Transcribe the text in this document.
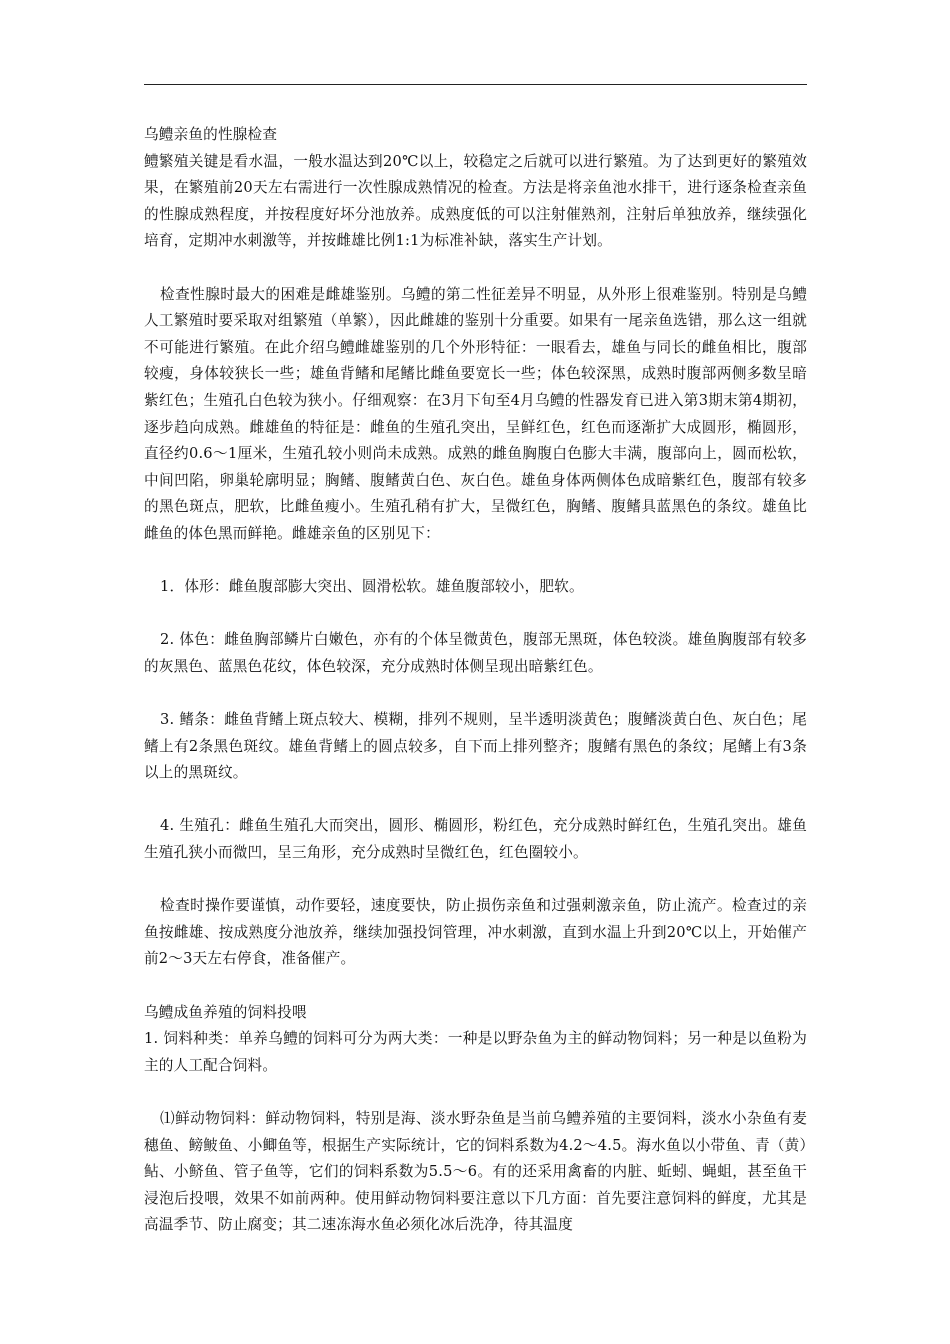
乌鳢亲鱼的性腺检查

鳢繁殖关键是看水温，一般水温达到20℃以上，较稳定之后就可以进行繁殖。为了达到更好的繁殖效果，在繁殖前20天左右需进行一次性腺成熟情况的检查。方法是将亲鱼池水排干，进行逐条检查亲鱼的性腺成熟程度，并按程度好坏分池放养。成熟度低的可以注射催熟剂，注射后单独放养，继续强化培育，定期冲水刺激等，并按雌雄比例1:1为标准补缺，落实生产计划。

检查性腺时最大的困难是雌雄鉴别。乌鳢的第二性征差异不明显，从外形上很难鉴别。特别是乌鳢人工繁殖时要采取对组繁殖（单繁），因此雌雄的鉴别十分重要。如果有一尾亲鱼选错，那么这一组就不可能进行繁殖。在此介绍乌鳢雌雄鉴别的几个外形特征：一眼看去，雄鱼与同长的雌鱼相比，腹部较瘦，身体较狭长一些；雄鱼背鳍和尾鳍比雌鱼要宽长一些；体色较深黑，成熟时腹部两侧多数呈暗紫红色；生殖孔白色较为狭小。仔细观察：在3月下旬至4月乌鳢的性器发育已进入第3期末第4期初，逐步趋向成熟。雌雄鱼的特征是：雌鱼的生殖孔突出，呈鲜红色，红色而逐渐扩大成圆形，椭圆形，直径约0.6～1厘米，生殖孔较小则尚未成熟。成熟的雌鱼胸腹白色膨大丰满，腹部向上，圆而松软，中间凹陷，卵巢轮廓明显；胸鳍、腹鳍黄白色、灰白色。雄鱼身体两侧体色成暗紫红色，腹部有较多的黑色斑点，肥软，比雌鱼瘦小。生殖孔稍有扩大，呈微红色，胸鳍、腹鳍具蓝黑色的条纹。雄鱼比雌鱼的体色黑而鲜艳。雌雄亲鱼的区别见下：

1．体形：雌鱼腹部膨大突出、圆滑松软。雄鱼腹部较小，肥软。

2. 体色：雌鱼胸部鳞片白嫩色，亦有的个体呈微黄色，腹部无黑斑，体色较淡。雄鱼胸腹部有较多的灰黑色、蓝黑色花纹，体色较深，充分成熟时体侧呈现出暗紫红色。

3. 鳍条：雌鱼背鳍上斑点较大、模糊，排列不规则，呈半透明淡黄色；腹鳍淡黄白色、灰白色；尾鳍上有2条黑色斑纹。雄鱼背鳍上的圆点较多，自下而上排列整齐；腹鳍有黑色的条纹；尾鳍上有3条以上的黑斑纹。

4. 生殖孔：雌鱼生殖孔大而突出，圆形、椭圆形，粉红色，充分成熟时鲜红色，生殖孔突出。雄鱼生殖孔狭小而微凹，呈三角形，充分成熟时呈微红色，红色圈较小。

检查时操作要谨慎，动作要轻，速度要快，防止损伤亲鱼和过强刺激亲鱼，防止流产。检查过的亲鱼按雌雄、按成熟度分池放养，继续加强投饲管理，冲水刺激，直到水温上升到20℃以上，开始催产前2～3天左右停食，准备催产。

乌鳢成鱼养殖的饲料投喂

1. 饲料种类：单养乌鳢的饲料可分为两大类：一种是以野杂鱼为主的鲜动物饲料；另一种是以鱼粉为主的人工配合饲料。

⑴鲜动物饲料：鲜动物饲料，特别是海、淡水野杂鱼是当前乌鳢养殖的主要饲料，淡水小杂鱼有麦穗鱼、鳑鲏鱼、小鲫鱼等，根据生产实际统计，它的饲料系数为4.2～4.5。海水鱼以小带鱼、青（黄）鲇、小鲚鱼、管子鱼等，它们的饲料系数为5.5～6。有的还采用禽畜的内脏、蚯蚓、蝇蛆，甚至鱼干浸泡后投喂，效果不如前两种。使用鲜动物饲料要注意以下几方面：首先要注意饲料的鲜度，尤其是高温季节、防止腐变；其二速冻海水鱼必须化冰后洗净，待其温度
